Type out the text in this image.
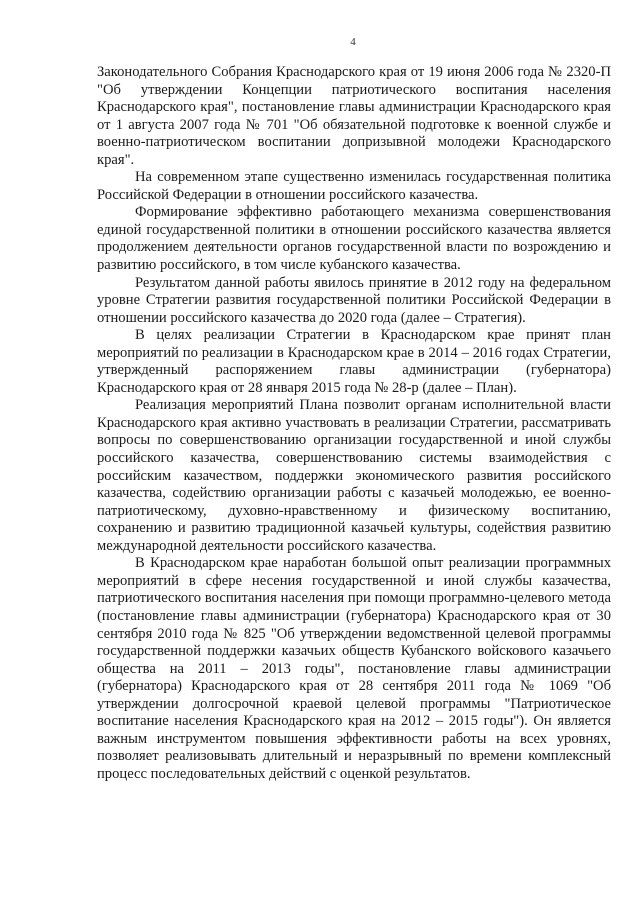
4

Законодательного Собрания Краснодарского края от 19 июня 2006 года № 2320-П "Об утверждении Концепции патриотического воспитания населения Краснодарского края", постановление главы администрации Краснодарского края от 1 августа 2007 года № 701 "Об обязательной подготовке к военной службе и военно-патриотическом воспитании допризывной молодежи Краснодарского края".

На современном этапе существенно изменилась государственная политика Российской Федерации в отношении российского казачества.

Формирование эффективно работающего механизма совершенствования единой государственной политики в отношении российского казачества является продолжением деятельности органов государственной власти по возрождению и развитию российского, в том числе кубанского казачества.

Результатом данной работы явилось принятие в 2012 году на федеральном уровне Стратегии развития государственной политики Российской Федерации в отношении российского казачества до 2020 года (далее – Стратегия).

В целях реализации Стратегии в Краснодарском крае принят план мероприятий по реализации в Краснодарском крае в 2014 – 2016 годах Стратегии, утвержденный распоряжением главы администрации (губернатора) Краснодарского края от 28 января 2015 года № 28-р (далее – План).

Реализация мероприятий Плана позволит органам исполнительной власти Краснодарского края активно участвовать в реализации Стратегии, рассматривать вопросы по совершенствованию организации государственной и иной службы российского казачества, совершенствованию системы взаимодействия с российским казачеством, поддержки экономического развития российского казачества, содействию организации работы с казачьей молодежью, ее военно-патриотическому, духовно-нравственному и физическому воспитанию, сохранению и развитию традиционной казачьей культуры, содействия развитию международной деятельности российского казачества.

В Краснодарском крае наработан большой опыт реализации программных мероприятий в сфере несения государственной и иной службы казачества, патриотического воспитания населения при помощи программно-целевого метода (постановление главы администрации (губернатора) Краснодарского края от 30 сентября 2010 года № 825 "Об утверждении ведомственной целевой программы государственной поддержки казачьих обществ Кубанского войскового казачьего общества на 2011 – 2013 годы", постановление главы администрации (губернатора) Краснодарского края от 28 сентября 2011 года № 1069 "Об утверждении долгосрочной краевой целевой программы "Патриотическое воспитание населения Краснодарского края на 2012 – 2015 годы"). Он является важным инструментом повышения эффективности работы на всех уровнях, позволяет реализовывать длительный и неразрывный по времени комплексный процесс последовательных действий с оценкой результатов.
